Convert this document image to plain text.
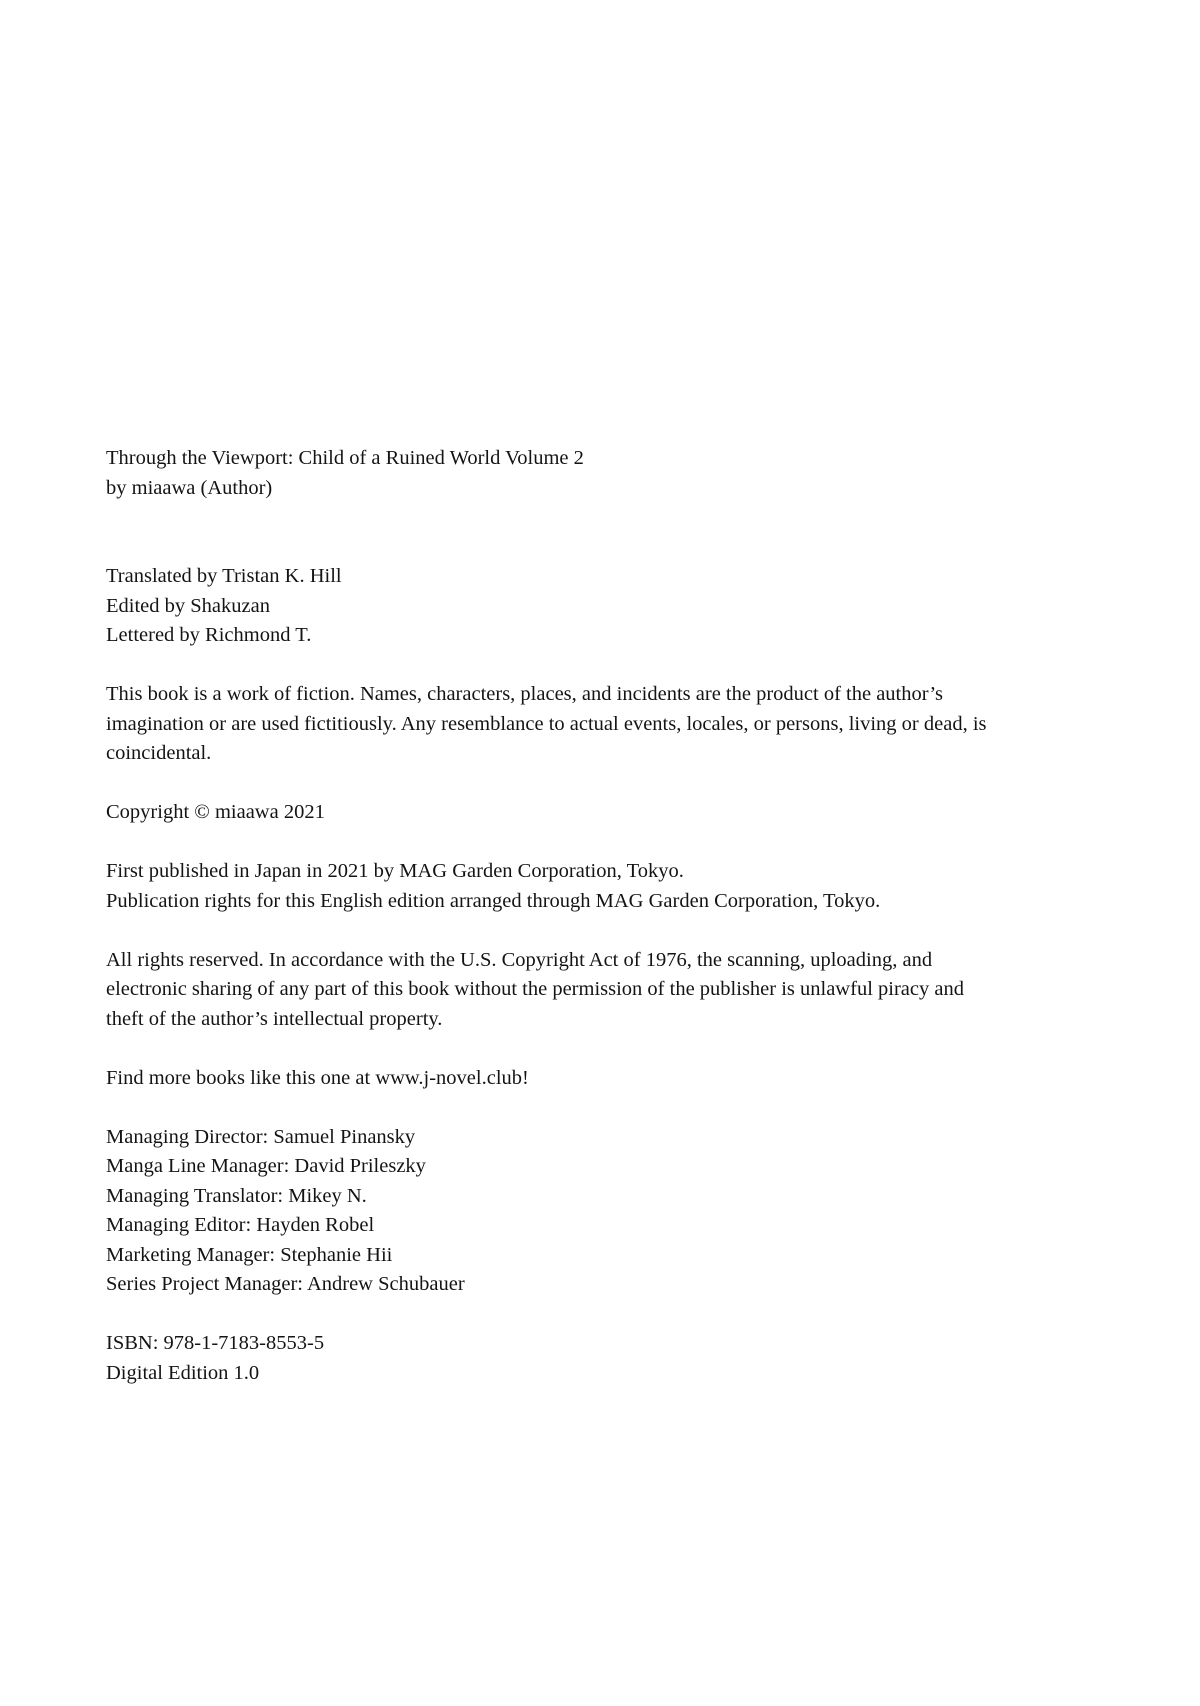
Through the Viewport: Child of a Ruined World Volume 2
by miaawa (Author)
Translated by Tristan K. Hill
Edited by Shakuzan
Lettered by Richmond T.
This book is a work of fiction. Names, characters, places, and incidents are the product of the author’s imagination or are used fictitiously. Any resemblance to actual events, locales, or persons, living or dead, is coincidental.
Copyright © miaawa 2021
First published in Japan in 2021 by MAG Garden Corporation, Tokyo.
Publication rights for this English edition arranged through MAG Garden Corporation, Tokyo.
All rights reserved. In accordance with the U.S. Copyright Act of 1976, the scanning, uploading, and electronic sharing of any part of this book without the permission of the publisher is unlawful piracy and theft of the author’s intellectual property.
Find more books like this one at www.j-novel.club!
Managing Director: Samuel Pinansky
Manga Line Manager: David Prileszky
Managing Translator: Mikey N.
Managing Editor: Hayden Robel
Marketing Manager: Stephanie Hii
Series Project Manager: Andrew Schubauer
ISBN: 978-1-7183-8553-5
Digital Edition 1.0
